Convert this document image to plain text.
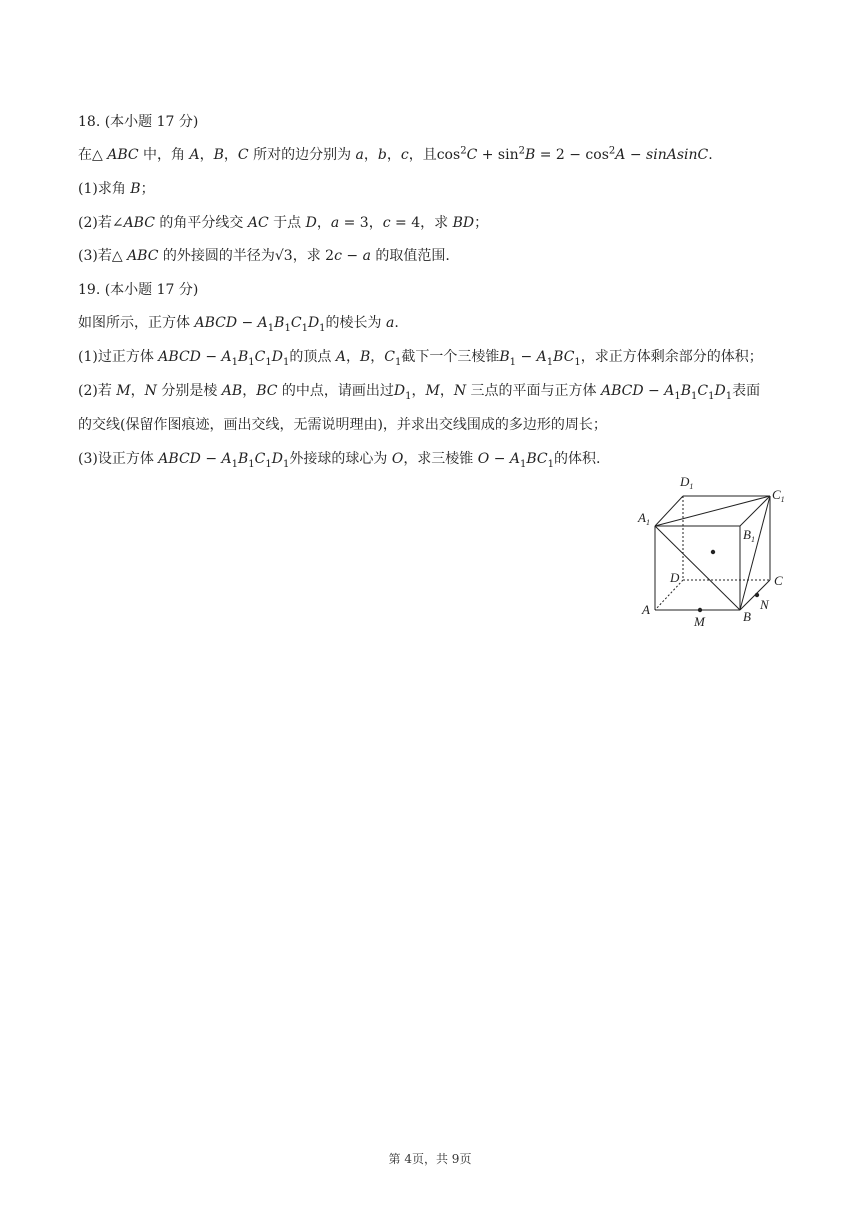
18. (本小题 17 分)
在△ ABC 中，角 A，B，C 所对的边分别为 a，b，c，且$\cos^2C + \sin^2B = 2 - \cos^2A$ − sinAsinC.
(1)求角 B；
(2)若∠ABC 的角平分线交 AC 于点 D，a = 3，c = 4，求 BD；
(3)若△ ABC 的外接圆的半径为√3，求 2c − a 的取值范围.
19. (本小题 17 分)
如图所示，正方体 ABCD − $A_1B_1C_1D_1$的棱长为 a.
(1)过正方体 ABCD − $A_1B_1C_1D_1$的顶点 A，B，$C_1$截下一个三棱锥$B_1 - A_1BC_1$，求正方体剩余部分的体积；
(2)若 M，N 分别是棱 AB，BC 的中点，请画出过$D_1$，M，N 三点的平面与正方体 ABCD − $A_1B_1C_1D_1$表面
的交线(保留作图痕迹，画出交线，无需说明理由)，并求出交线围成的多边形的周长；
(3)设正方体 ABCD − $A_1B_1C_1D_1$外接球的球心为 O，求三棱锥 $O - A_1BC_1$的体积.
$D_1$
$C_1$
$A_1$
$B_1$
D	C
A
M	B
N
第 4页，共 9页
